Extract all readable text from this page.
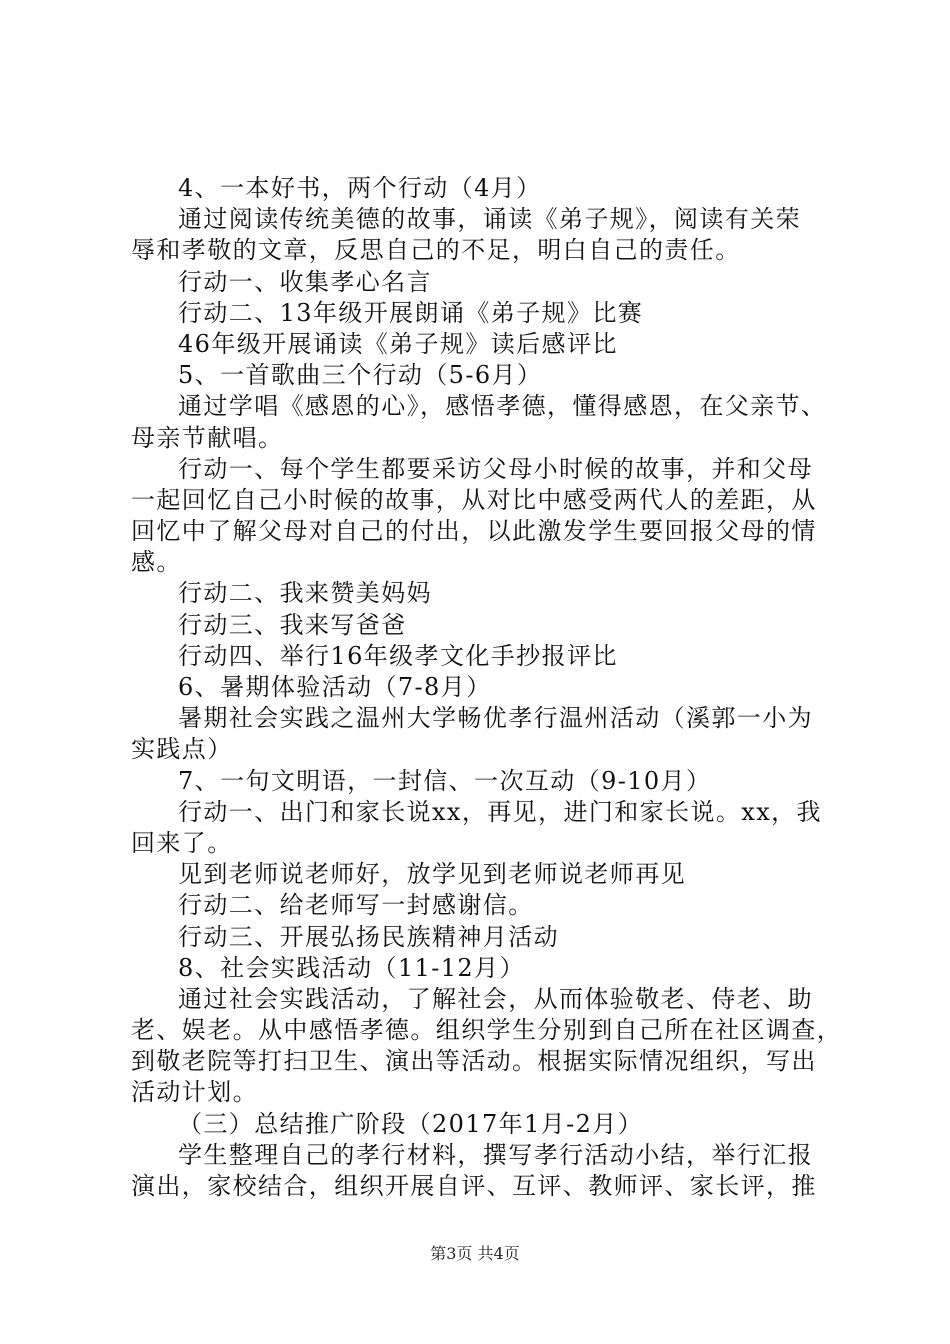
4、一本好书，两个行动（4月）
通过阅读传统美德的故事，诵读《弟子规》，阅读有关荣
辱和孝敬的文章，反思自己的不足，明白自己的责任。
行动一、收集孝心名言
行动二、13年级开展朗诵《弟子规》比赛
46年级开展诵读《弟子规》读后感评比
5、一首歌曲三个行动（5-6月）
通过学唱《感恩的心》，感悟孝德，懂得感恩，在父亲节、
母亲节献唱。
行动一、每个学生都要采访父母小时候的故事，并和父母
一起回忆自己小时候的故事，从对比中感受两代人的差距，从
回忆中了解父母对自己的付出，以此激发学生要回报父母的情
感。
行动二、我来赞美妈妈
行动三、我来写爸爸
行动四、举行16年级孝文化手抄报评比
6、暑期体验活动（7-8月）
暑期社会实践之温州大学畅优孝行温州活动（溪郭一小为
实践点）
7、一句文明语，一封信、一次互动（9-10月）
行动一、出门和家长说xx，再见，进门和家长说。xx，我
回来了。
见到老师说老师好，放学见到老师说老师再见
行动二、给老师写一封感谢信。
行动三、开展弘扬民族精神月活动
8、社会实践活动（11-12月）
通过社会实践活动，了解社会，从而体验敬老、侍老、助
老、娱老。从中感悟孝德。组织学生分别到自己所在社区调查，
到敬老院等打扫卫生、演出等活动。根据实际情况组织，写出
活动计划。
（三）总结推广阶段（2017年1月-2月）
学生整理自己的孝行材料，撰写孝行活动小结，举行汇报
演出，家校结合，组织开展自评、互评、教师评、家长评，推
第3页 共4页
